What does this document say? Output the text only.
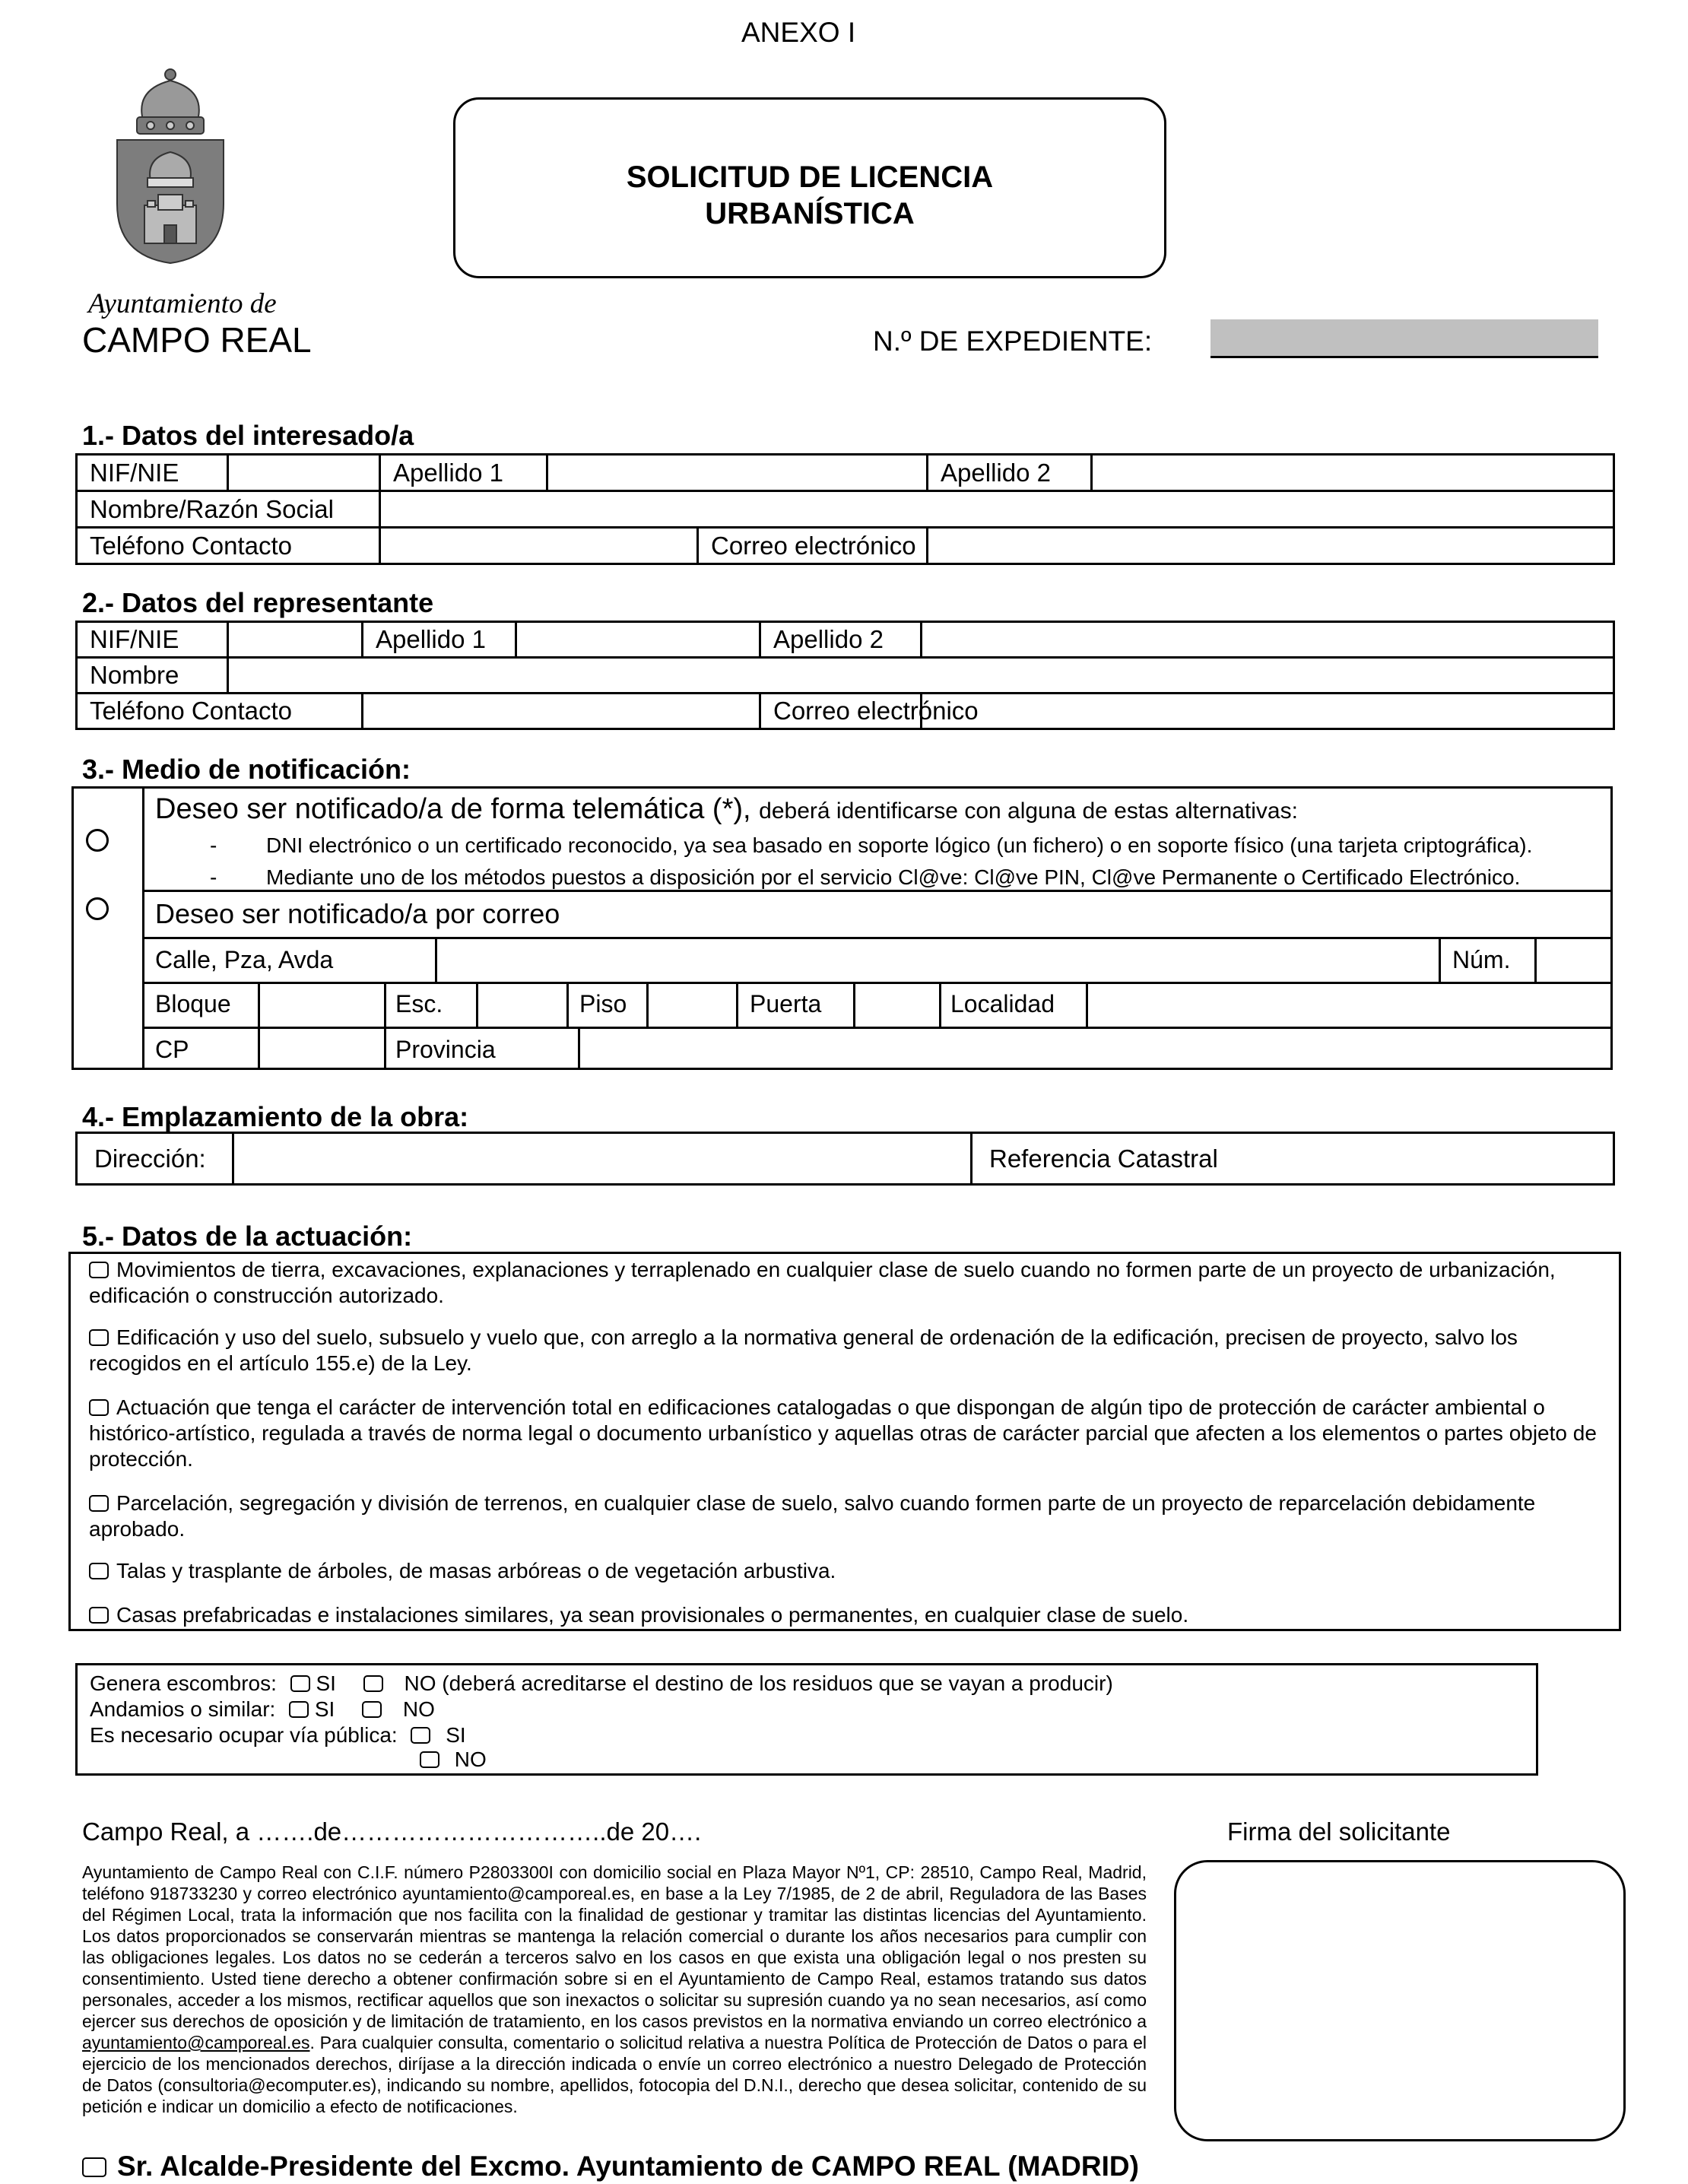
ANEXO I
Ayuntamiento de
CAMPO REAL
SOLICITUD DE LICENCIA
URBANÍSTICA
N.º DE EXPEDIENTE:
1.- Datos del interesado/a
NIF/NIE		Apellido 1			Apellido 2	
Nombre/Razón Social						
Teléfono Contacto				Correo electrónico		
2.- Datos del representante
NIF/NIE		Apellido 1		Apellido 2	
Nombre					
Teléfono Contacto				Correo electrónico	
3.- Medio de notificación:
Deseo ser notificado/a de forma telemática (*), deberá identificarse con alguna de estas alternativas:
- DNI electrónico o un certificado reconocido, ya sea basado en soporte lógico (un fichero) o en soporte físico (una tarjeta criptográfica).
- Mediante uno de los métodos puestos a disposición por el servicio Cl@ve: Cl@ve PIN, Cl@ve Permanente o Certificado Electrónico.
Deseo ser notificado/a por correo
Calle, Pza, Avda	Núm.
Bloque	Esc.	Piso	Puerta	Localidad
CP	Provincia
4.- Emplazamiento de la obra:
Dirección:		Referencia Catastral
5.- Datos de la actuación:

Movimientos de tierra, excavaciones, explanaciones y terraplenado en cualquier clase de suelo cuando no formen parte de un proyecto de urbanización, edificación o construcción autorizado.

Edificación y uso del suelo, subsuelo y vuelo que, con arreglo a la normativa general de ordenación de la edificación, precisen de proyecto, salvo los recogidos en el artículo 155.e) de la Ley.

Actuación que tenga el carácter de intervención total en edificaciones catalogadas o que dispongan de algún tipo de protección de carácter ambiental o histórico-artístico, regulada a través de norma legal o documento urbanístico y aquellas otras de carácter parcial que afecten a los elementos o partes objeto de protección.

Parcelación, segregación y división de terrenos, en cualquier clase de suelo, salvo cuando formen parte de un proyecto de reparcelación debidamente aprobado.

Talas y trasplante de árboles, de masas arbóreas o de vegetación arbustiva.

Casas prefabricadas e instalaciones similares, ya sean provisionales o permanentes, en cualquier clase de suelo.

Genera escombros: SI	NO (deberá acreditarse el destino de los residuos que se vayan a producir)
Andamios o similar: SI	NO
Es necesario ocupar vía pública: SI
NO
Campo Real, a …….de…………………………..de 20….	Firma del solicitante
Ayuntamiento de Campo Real con C.I.F. número P2803300I con domicilio social en Plaza Mayor Nº1, CP: 28510, Campo Real, Madrid, teléfono 918733230 y correo electrónico ayuntamiento@camporeal.es, en base a la Ley 7/1985, de 2 de abril, Reguladora de las Bases del Régimen Local, trata la información que nos facilita con la finalidad de gestionar y tramitar las distintas licencias del Ayuntamiento. Los datos proporcionados se conservarán mientras se mantenga la relación comercial o durante los años necesarios para cumplir con las obligaciones legales. Los datos no se cederán a terceros salvo en los casos en que exista una obligación legal o nos presten su consentimiento. Usted tiene derecho a obtener confirmación sobre si en el Ayuntamiento de Campo Real, estamos tratando sus datos personales, acceder a los mismos, rectificar aquellos que son inexactos o solicitar su supresión cuando ya no sean necesarios, así como ejercer sus derechos de oposición y de limitación de tratamiento, en los casos previstos en la normativa enviando un correo electrónico a ayuntamiento@camporeal.es. Para cualquier consulta, comentario o solicitud relativa a nuestra Política de Protección de Datos o para el ejercicio de los mencionados derechos, diríjase a la dirección indicada o envíe un correo electrónico a nuestro Delegado de Protección de Datos (consultoria@ecomputer.es), indicando su nombre, apellidos, fotocopia del D.N.I., derecho que desea solicitar, contenido de su petición e indicar un domicilio a efecto de notificaciones.
Sr. Alcalde-Presidente del Excmo. Ayuntamiento de CAMPO REAL (MADRID)
